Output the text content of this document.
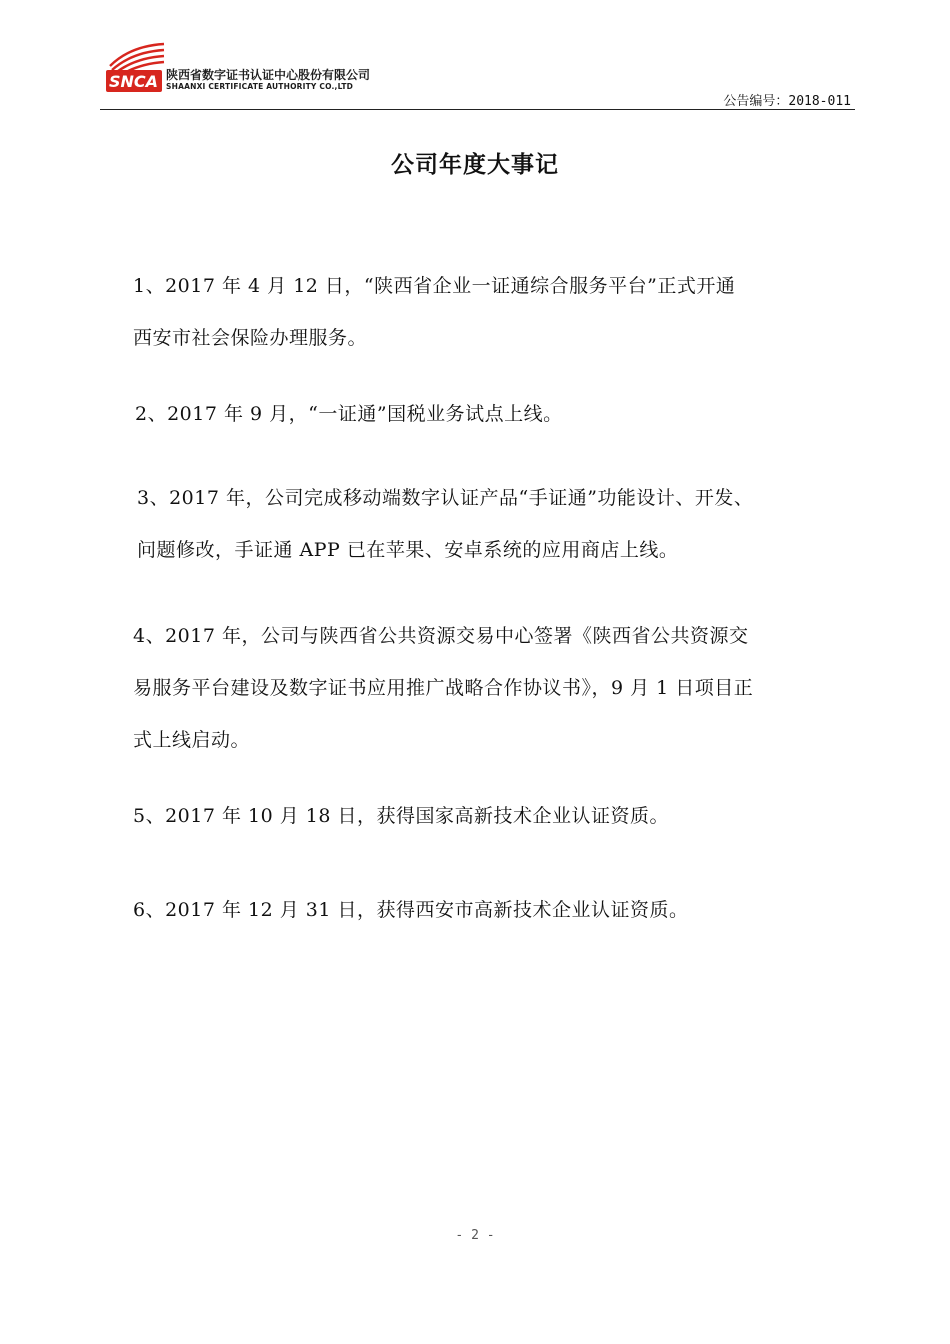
SNCA 陕西省数字证书认证中心股份有限公司
SHAANXI CERTIFICATE AUTHORITY CO.,LTD
公告编号：2018-011
公司年度大事记

1、2017 年 4 月 12 日，“陕西省企业一证通综合服务平台”正式开通

西安市社会保险办理服务。

2、2017 年 9 月，“一证通”国税业务试点上线。

3、2017 年，公司完成移动端数字认证产品“手证通”功能设计、开发、

问题修改，手证通 APP 已在苹果、安卓系统的应用商店上线。

4、2017 年，公司与陕西省公共资源交易中心签署《陕西省公共资源交

易服务平台建设及数字证书应用推广战略合作协议书》，9 月 1 日项目正

式上线启动。

5、2017 年 10 月 18 日，获得国家高新技术企业认证资质。

6、2017 年 12 月 31 日，获得西安市高新技术企业认证资质。

- 2 -
